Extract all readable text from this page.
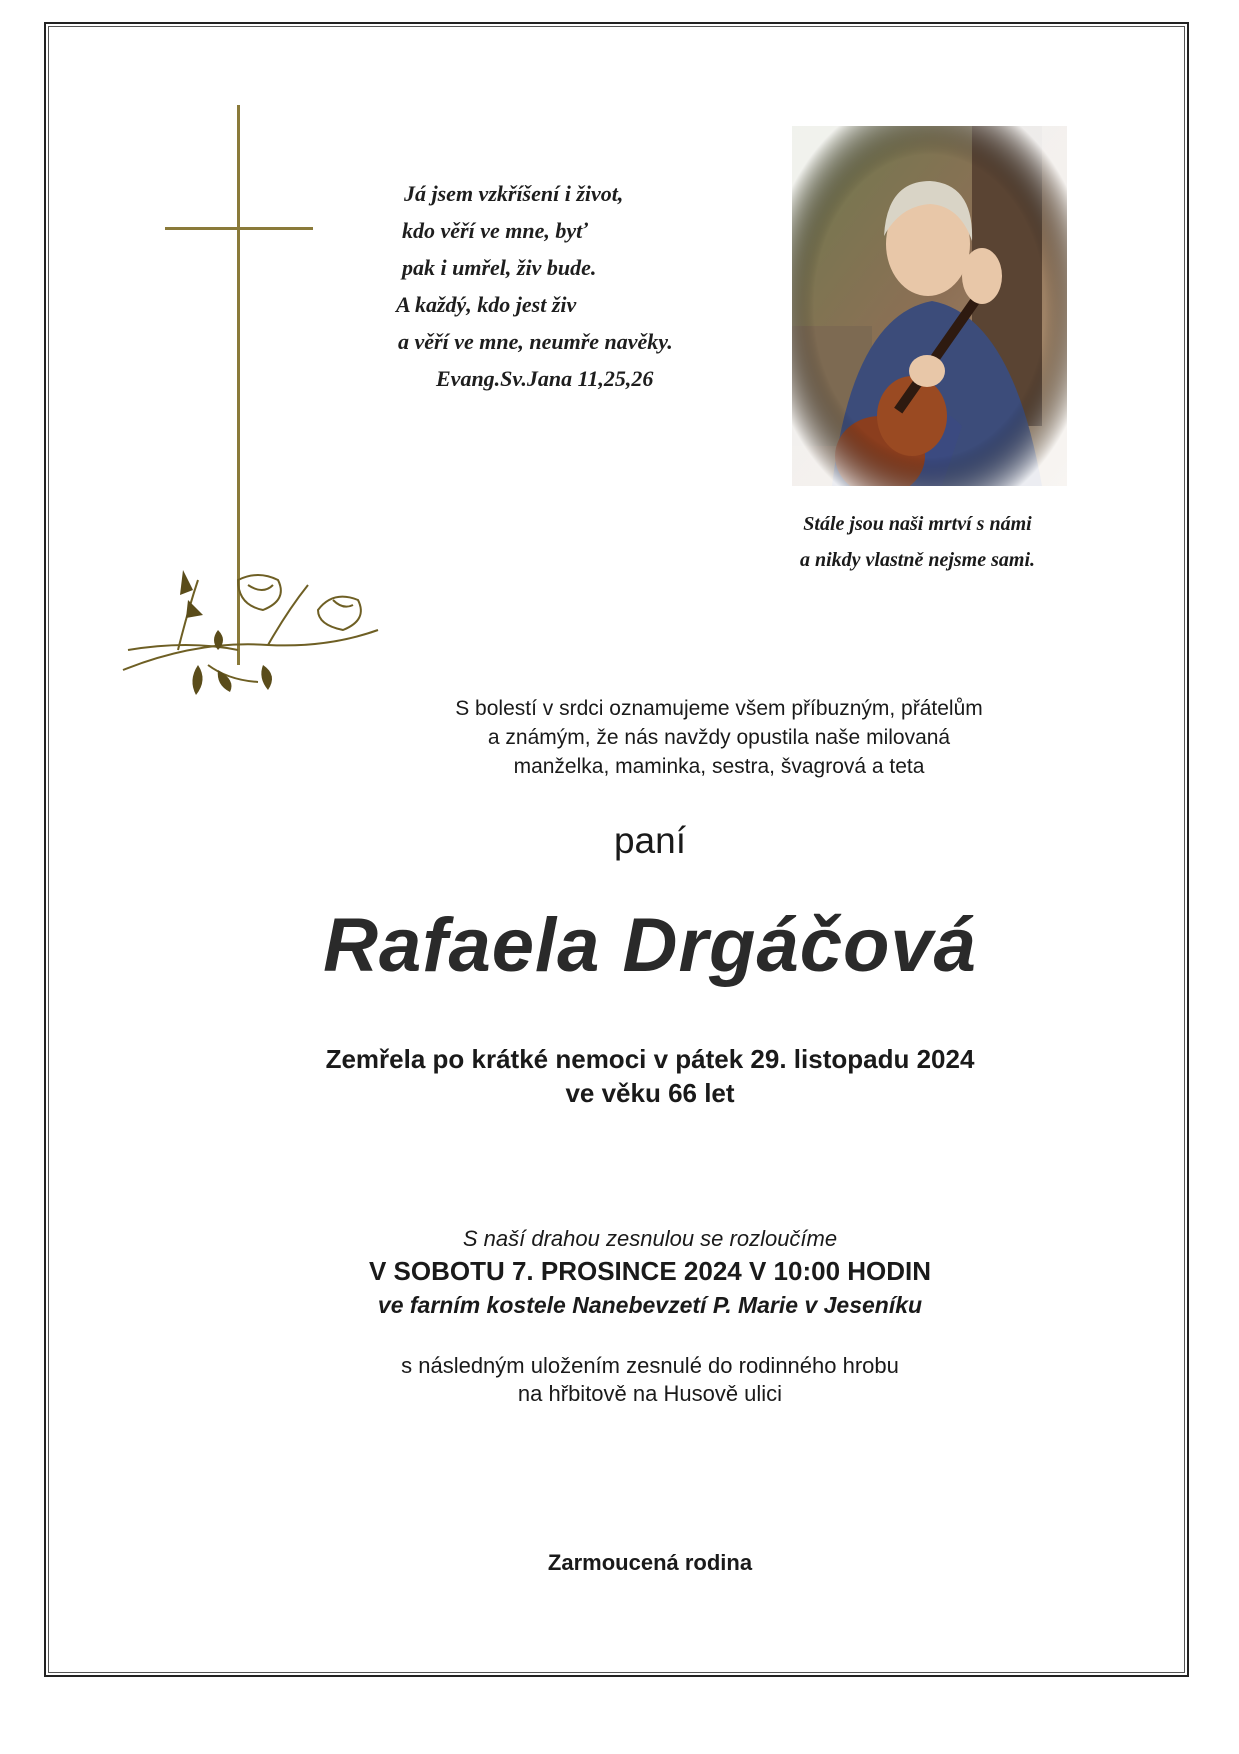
Já jsem vzkříšení i život,
kdo věří ve mne, byť
pak i umřel, živ bude.
A každý, kdo jest živ
a věří ve mne, neumře navěky.
Evang.Sv.Jana 11,25,26
Stále jsou naši mrtví s námi
a nikdy vlastně nejsme sami.
S bolestí v srdci oznamujeme všem příbuzným, přátelům
a známým, že nás navždy opustila naše milovaná
manželka, maminka, sestra, švagrová a teta
paní
Rafaela Drgáčová
Zemřela po krátké nemoci v pátek 29. listopadu 2024
ve věku 66 let
S naší drahou zesnulou se rozloučíme
V SOBOTU 7. PROSINCE 2024 V 10:00 HODIN
ve farním kostele Nanebevzetí P. Marie v Jeseníku
s následným uložením zesnulé do rodinného hrobu
na hřbitově na Husově ulici
Zarmoucená rodina
